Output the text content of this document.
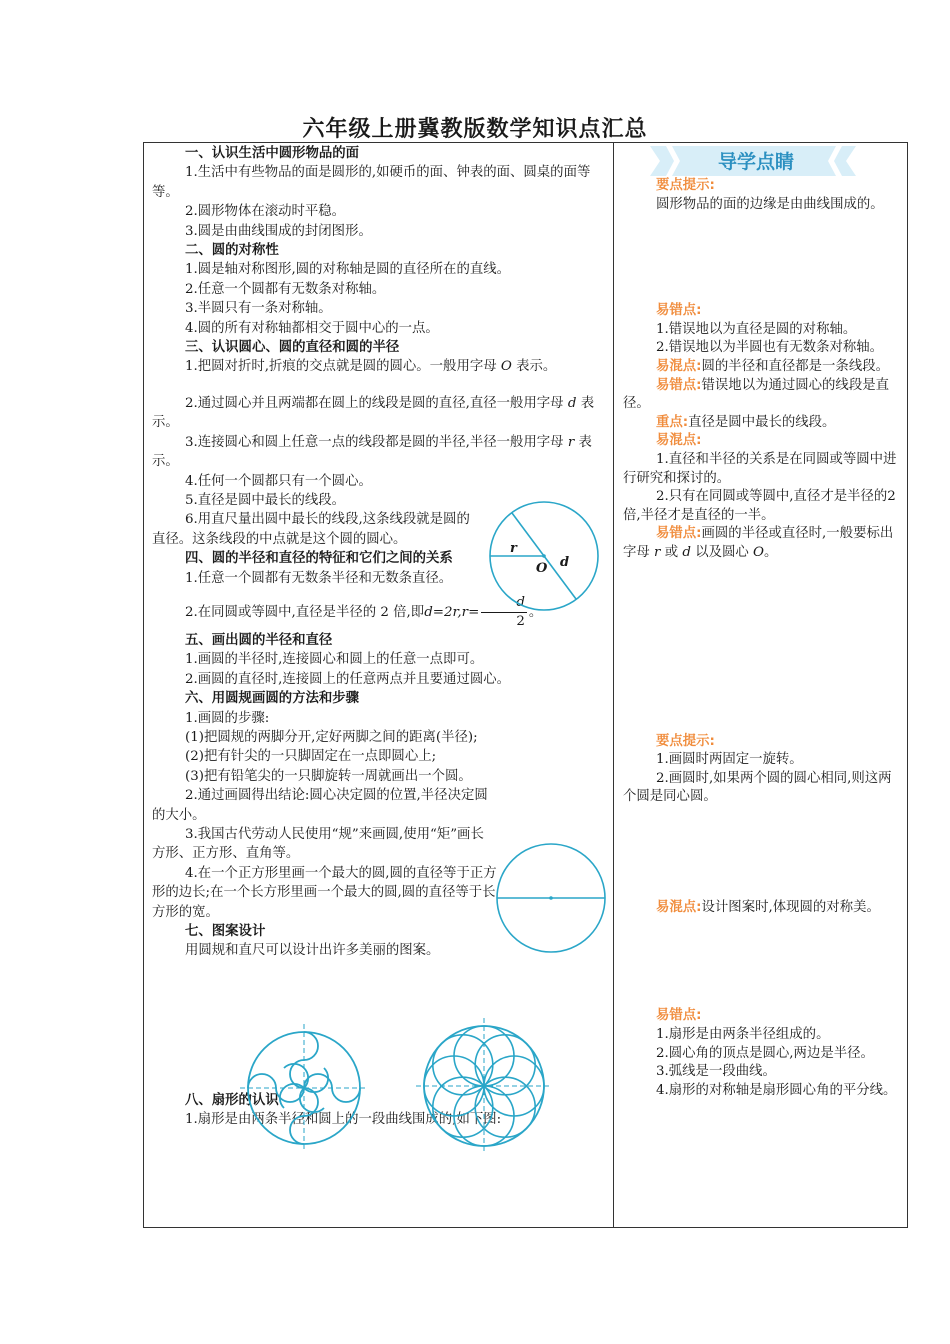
六年级上册冀教版数学知识点汇总

一、认识生活中圆形物品的面

1.生活中有些物品的面是圆形的,如硬币的面、钟表的面、圆桌的面等等。

2.圆形物体在滚动时平稳。

3.圆是由曲线围成的封闭图形。

二、圆的对称性

1.圆是轴对称图形,圆的对称轴是圆的直径所在的直线。

2.任意一个圆都有无数条对称轴。

3.半圆只有一条对称轴。

4.圆的所有对称轴都相交于圆中心的一点。

三、认识圆心、圆的直径和圆的半径

1.把圆对折时,折痕的交点就是圆的圆心。一般用字母 O 表示。

2.通过圆心并且两端都在圆上的线段是圆的直径,直径一般用字母 d 表示。

3.连接圆心和圆上任意一点的线段都是圆的半径,半径一般用字母 r 表示。

4.任何一个圆都只有一个圆心。

5.直径是圆中最长的线段。

6.用直尺量出圆中最长的线段,这条线段就是圆的直径。这条线段的中点就是这个圆的圆心。

四、圆的半径和直径的特征和它们之间的关系

1.任意一个圆都有无数条半径和无数条直径。

2.在同圆或等圆中,直径是半径的 2 倍,即$d=2r,r= \frac{d}{2}$ 。

五、画出圆的半径和直径

1.画圆的半径时,连接圆心和圆上的任意一点即可。

2.画圆的直径时,连接圆上的任意两点并且要通过圆心。

六、用圆规画圆的方法和步骤

1.画圆的步骤:

(1)把圆规的两脚分开,定好两脚之间的距离(半径);

(2)把有针尖的一只脚固定在一点即圆心上;

(3)把有铅笔尖的一只脚旋转一周就画出一个圆。

2.通过画圆得出结论:圆心决定圆的位置,半径决定圆的大小。

3.我国古代劳动人民使用“规”来画圆,使用“矩”画长方形、正方形、直角等。

4.在一个正方形里画一个最大的圆,圆的直径等于正方形的边长;在一个长方形里画一个最大的圆,圆的直径等于长方形的宽。

七、图案设计

用圆规和直尺可以设计出许多美丽的图案。

八、扇形的认识

1.扇形是由两条半径和圆上的一段曲线围成的,如下图:

r
O d
导学点睛

要点提示:

圆形物品的面的边缘是由曲线围成的。

易错点:

1.错误地以为直径是圆的对称轴。

2.错误地以为半圆也有无数条对称轴。

易混点:圆的半径和直径都是一条线段。

易错点:错误地以为通过圆心的线段是直径。

重点:直径是圆中最长的线段。

易混点:

1.直径和半径的关系是在同圆或等圆中进行研究和探讨的。

2.只有在同圆或等圆中,直径才是半径的2倍,半径才是直径的一半。

易错点:画圆的半径或直径时,一般要标出字母 r 或 d 以及圆心 O。

要点提示:

1.画圆时两固定一旋转。

2.画圆时,如果两个圆的圆心相同,则这两个圆是同心圆。

易混点:设计图案时,体现圆的对称美。

易错点:

1.扇形是由两条半径组成的。

2.圆心角的顶点是圆心,两边是半径。

3.弧线是一段曲线。

4.扇形的对称轴是扇形圆心角的平分线。
